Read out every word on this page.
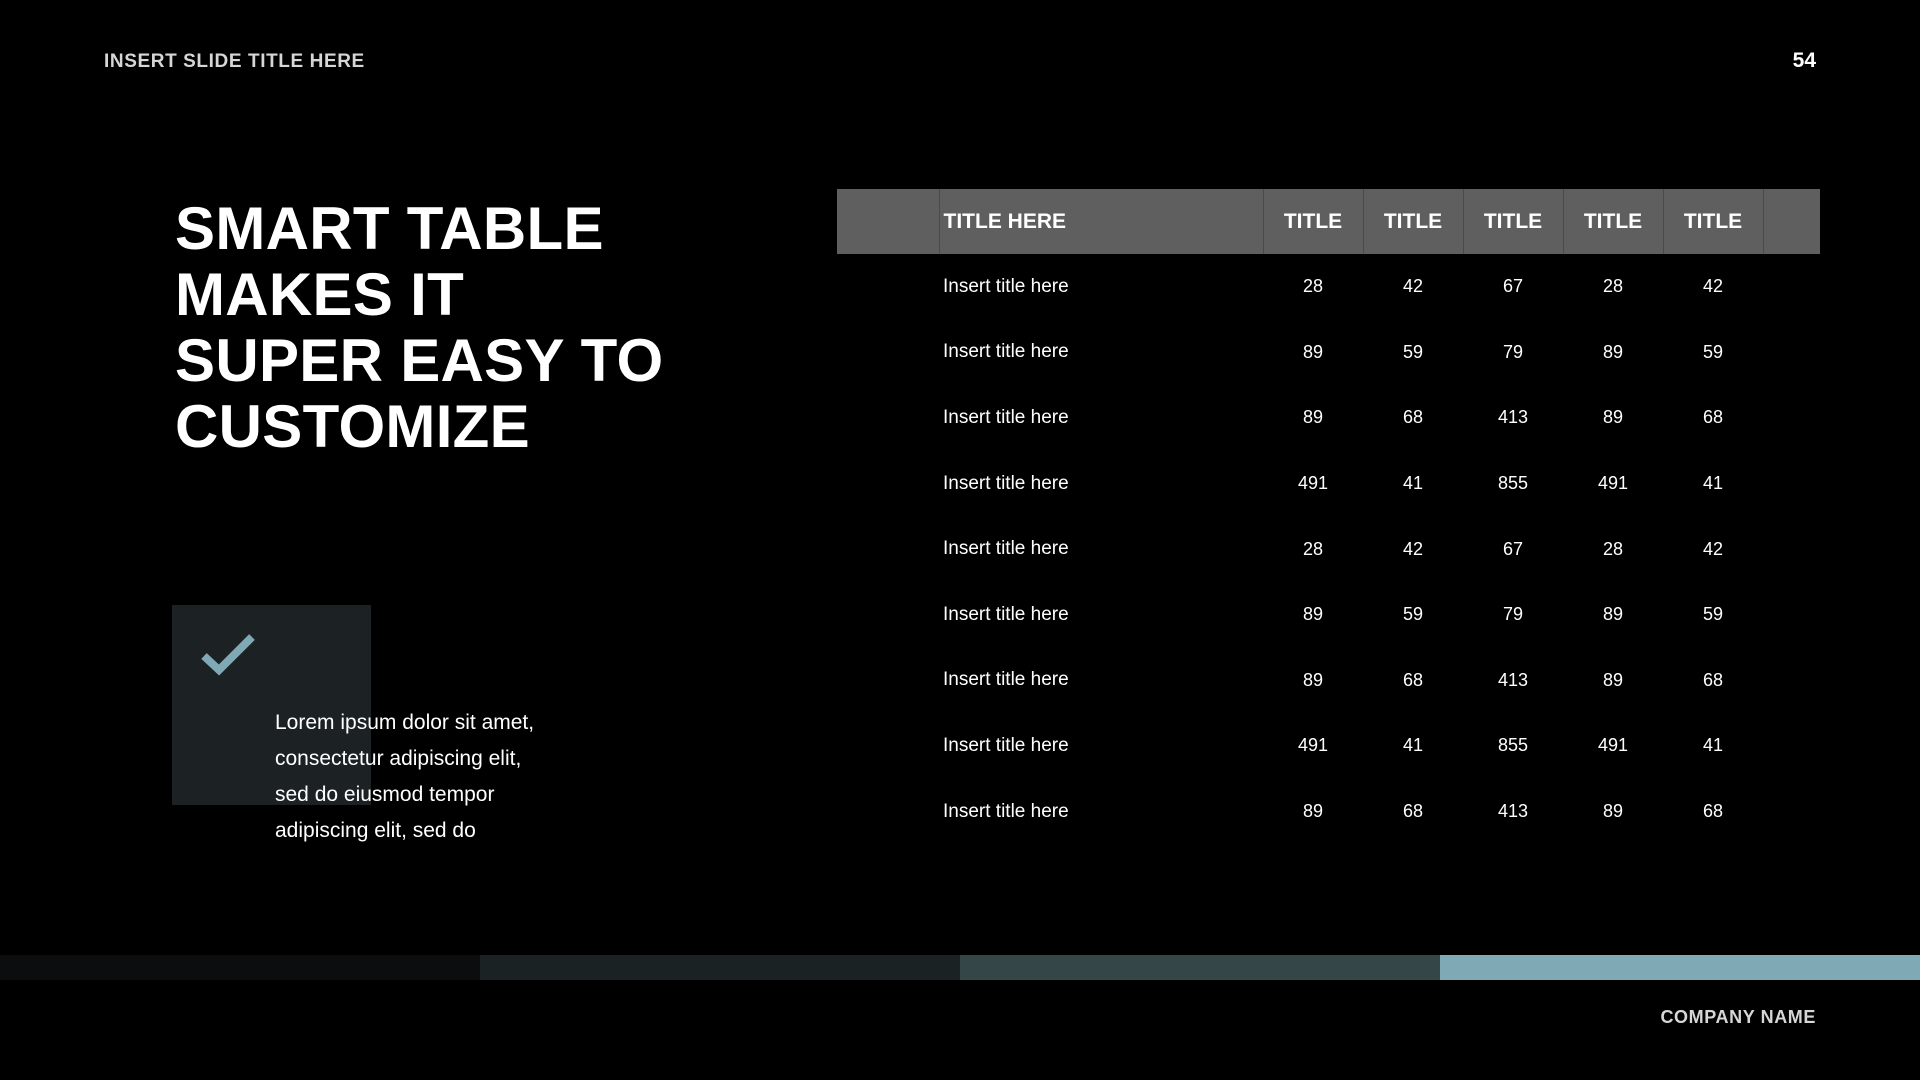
INSERT SLIDE TITLE HERE	54
SMART TABLE
MAKES IT
SUPER EASY TO
CUSTOMIZE
Lorem ipsum dolor sit amet,
consectetur adipiscing elit,
sed do eiusmod tempor
adipiscing elit, sed do
	TITLE HERE	TITLE	TITLE	TITLE	TITLE	TITLE	
	Insert title here	28	42	67	28	42	
	Insert title here	89	59	79	89	59	
	Insert title here	89	68	413	89	68	
	Insert title here	491	41	855	491	41	
	Insert title here	28	42	67	28	42	
	Insert title here	89	59	79	89	59	
	Insert title here	89	68	413	89	68	
	Insert title here	491	41	855	491	41	
	Insert title here	89	68	413	89	68	
COMPANY NAME
